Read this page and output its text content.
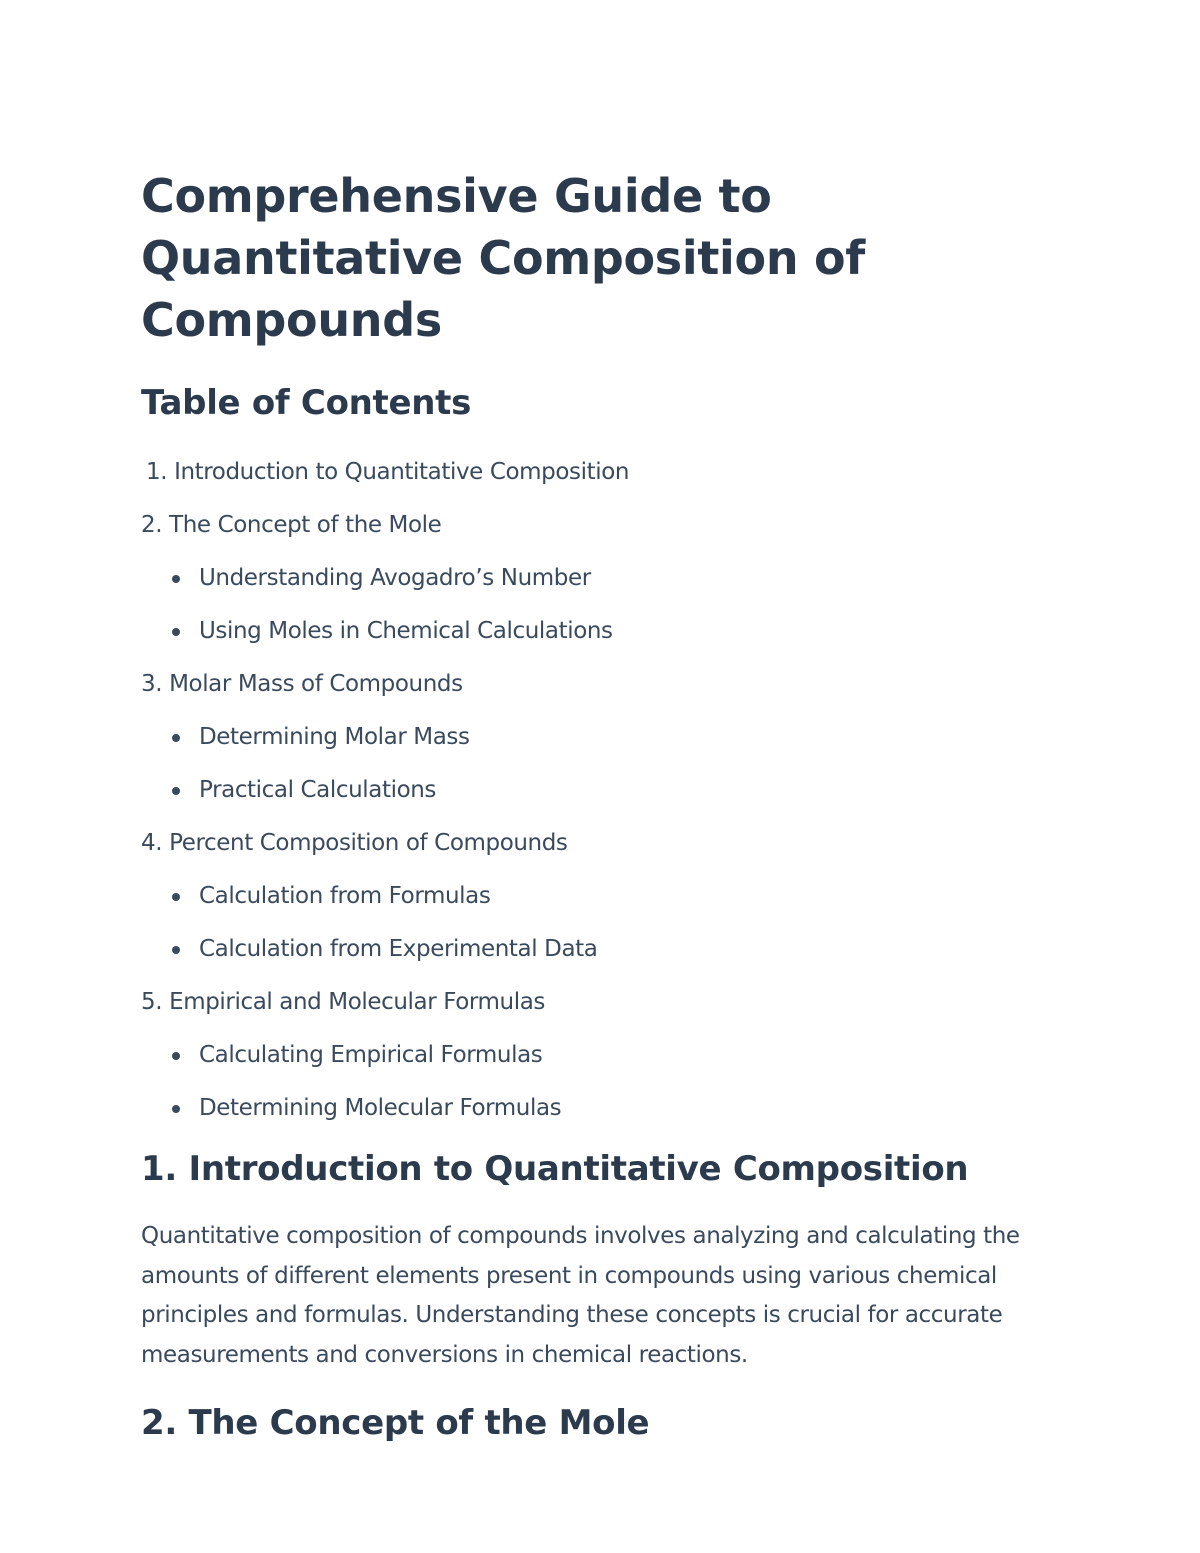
Comprehensive Guide to Quantitative Composition of Compounds
Table of Contents
1. Introduction to Quantitative Composition
2. The Concept of the Mole
Understanding Avogadro’s Number
Using Moles in Chemical Calculations
3. Molar Mass of Compounds
Determining Molar Mass
Practical Calculations
4. Percent Composition of Compounds
Calculation from Formulas
Calculation from Experimental Data
5. Empirical and Molecular Formulas
Calculating Empirical Formulas
Determining Molecular Formulas
1. Introduction to Quantitative Composition

Quantitative composition of compounds involves analyzing and calculating the amounts of different elements present in compounds using various chemical principles and formulas. Understanding these concepts is crucial for accurate measurements and conversions in chemical reactions.

2. The Concept of the Mole
